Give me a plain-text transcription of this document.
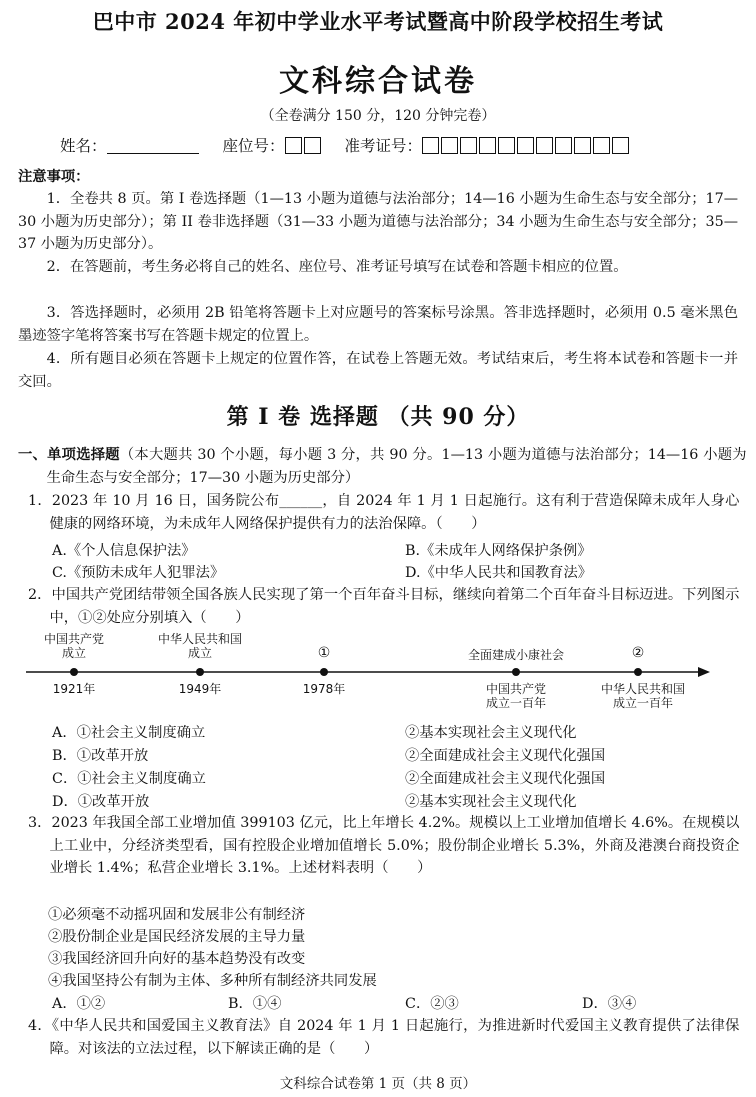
巴中市 2024 年初中学业水平考试暨高中阶段学校招生考试
文科综合试卷
（全卷满分 150 分，120 分钟完卷）
姓名：	座位号：	准考证号：
注意事项：
1．全卷共 8 页。第 I 卷选择题（1—13 小题为道德与法治部分；14—16 小题为生命生态与安全部分；17—30 小题为历史部分）；第 II 卷非选择题（31—33 小题为道德与法治部分；34 小题为生命生态与安全部分；35—37 小题为历史部分）。
2．在答题前，考生务必将自己的姓名、座位号、准考证号填写在试卷和答题卡相应的位置。
3．答选择题时，必须用 2B 铅笔将答题卡上对应题号的答案标号涂黑。答非选择题时，必须用 0.5 毫米黑色墨迹签字笔将答案书写在答题卡规定的位置上。
4．所有题目必须在答题卡上规定的位置作答，在试卷上答题无效。考试结束后，考生将本试卷和答题卡一并交回。
第 I 卷 选择题 （共 90 分）
一、单项选择题（本大题共 30 个小题，每小题 3 分，共 90 分。1—13 小题为道德与法治部分；14—16 小题为生命生态与安全部分；17—30 小题为历史部分）
1．2023 年 10 月 16 日，国务院公布______，自 2024 年 1 月 1 日起施行。这有利于营造保障未成年人身心健康的网络环境，为未成年人网络保护提供有力的法治保障。（　　）
A.《个人信息保护法》	B.《未成年人网络保护条例》
C.《预防未成年人犯罪法》	D.《中华人民共和国教育法》
2．中国共产党团结带领全国各族人民实现了第一个百年奋斗目标，继续向着第二个百年奋斗目标迈进。下列图示中，①②处应分别填入（　　）
中国共产党
成立
中华人民共和国
成立	①	全面建成小康社会	②
1921年	1949年	1978年	中国共产党
成立一百年
中华人民共和国
成立一百年
A．①社会主义制度确立	②基本实现社会主义现代化
B．①改革开放	②全面建成社会主义现代化强国
C．①社会主义制度确立	②全面建成社会主义现代化强国
D．①改革开放	②基本实现社会主义现代化
3．2023 年我国全部工业增加值 399103 亿元，比上年增长 4.2%。规模以上工业增加值增长 4.6%。在规模以上工业中，分经济类型看，国有控股企业增加值增长 5.0%；股份制企业增长 5.3%，外商及港澳台商投资企业增长 1.4%；私营企业增长 3.1%。上述材料表明（　　）
①必须毫不动摇巩固和发展非公有制经济
②股份制企业是国民经济发展的主导力量
③我国经济回升向好的基本趋势没有改变
④我国坚持公有制为主体、多种所有制经济共同发展
A．①②	B．①④	C．②③	D．③④
4．《中华人民共和国爱国主义教育法》自 2024 年 1 月 1 日起施行，为推进新时代爱国主义教育提供了法律保障。对该法的立法过程，以下解读正确的是（　　）
文科综合试卷第 1 页（共 8 页）
